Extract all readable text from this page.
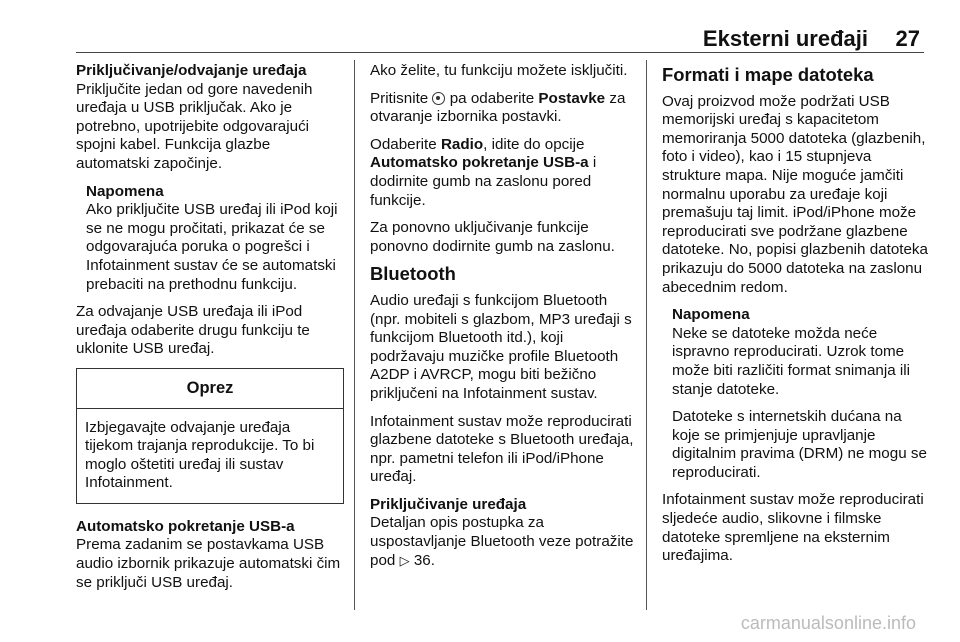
Eksterni uređaji 27

Priključivanje/odvajanje uređaja

Priključite jedan od gore navedenih uređaja u USB priključak. Ako je potrebno, upotrijebite odgovarajući spojni kabel. Funkcija glazbe automatski započinje.

Napomena
Ako priključite USB uređaj ili iPod koji se ne mogu pročitati, prikazat će se odgovarajuća poruka o pogrešci i Infotainment sustav će se automatski prebaciti na prethodnu funkciju.

Za odvajanje USB uređaja ili iPod uređaja odaberite drugu funkciju te uklonite USB uređaj.

Oprez
Izbjegavajte odvajanje uređaja tijekom trajanja reprodukcije. To bi moglo oštetiti uređaj ili sustav Infotainment.

Automatsko pokretanje USB-a

Prema zadanim se postavkama USB audio izbornik prikazuje automatski čim se priključi USB uređaj.

Ako želite, tu funkciju možete isključiti.

Pritisnite pa odaberite Postavke za otvaranje izbornika postavki.

Odaberite Radio, idite do opcije Automatsko pokretanje USB-a i dodirnite gumb na zaslonu pored funkcije.

Za ponovno uključivanje funkcije ponovno dodirnite gumb na zaslonu.

Bluetooth

Audio uređaji s funkcijom Bluetooth (npr. mobiteli s glazbom, MP3 uređaji s funkcijom Bluetooth itd.), koji podržavaju muzičke profile Bluetooth A2DP i AVRCP, mogu biti bežično priključeni na Infotainment sustav.

Infotainment sustav može reproducirati glazbene datoteke s Bluetooth uređaja, npr. pametni telefon ili iPod/iPhone uređaj.

Priključivanje uređaja

Detaljan opis postupka za uspostavljanje Bluetooth veze potražite pod ▷ 36.

Formati i mape datoteka

Ovaj proizvod može podržati USB memorijski uređaj s kapacitetom memoriranja 5000 datoteka (glazbenih, foto i video), kao i 15 stupnjeva strukture mapa. Nije moguće jamčiti normalnu uporabu za uređaje koji premašuju taj limit. iPod/iPhone može reproducirati sve podržane glazbene datoteke. No, popisi glazbenih datoteka prikazuju do 5000 datoteka na zaslonu abecednim redom.

Napomena

Neke se datoteke možda neće ispravno reproducirati. Uzrok tome može biti različiti format snimanja ili stanje datoteke.

Datoteke s internetskih dućana na koje se primjenjuje upravljanje digitalnim pravima (DRM) ne mogu se reproducirati.

Infotainment sustav može reproducirati sljedeće audio, slikovne i filmske datoteke spremljene na eksternim uređajima.

carmanualsonline.info
